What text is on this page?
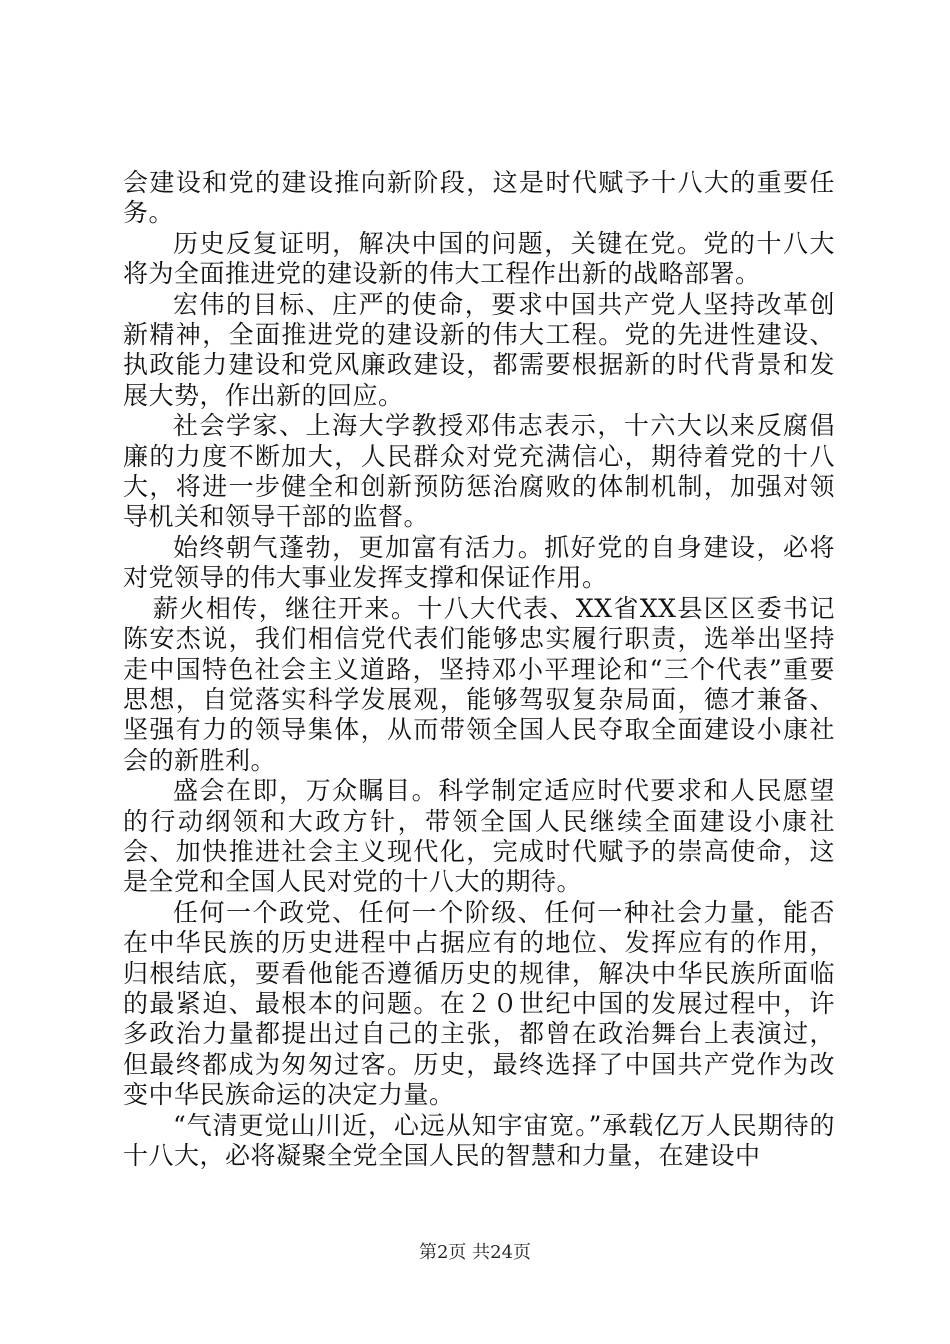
会建设和党的建设推向新阶段，这是时代赋予十八大的重要任务。

历史反复证明，解决中国的问题，关键在党。党的十八大将为全面推进党的建设新的伟大工程作出新的战略部署。

宏伟的目标、庄严的使命，要求中国共产党人坚持改革创新精神，全面推进党的建设新的伟大工程。党的先进性建设、执政能力建设和党风廉政建设，都需要根据新的时代背景和发展大势，作出新的回应。

社会学家、上海大学教授邓伟志表示，十六大以来反腐倡廉的力度不断加大，人民群众对党充满信心，期待着党的十八大，将进一步健全和创新预防惩治腐败的体制机制，加强对领导机关和领导干部的监督。

始终朝气蓬勃，更加富有活力。抓好党的自身建设，必将对党领导的伟大事业发挥支撑和保证作用。

薪火相传，继往开来。十八大代表、XX省XX县区区委书记陈安杰说，我们相信党代表们能够忠实履行职责，选举出坚持走中国特色社会主义道路，坚持邓小平理论和“三个代表”重要思想，自觉落实科学发展观，能够驾驭复杂局面，德才兼备、坚强有力的领导集体，从而带领全国人民夺取全面建设小康社会的新胜利。

盛会在即，万众瞩目。科学制定适应时代要求和人民愿望的行动纲领和大政方针，带领全国人民继续全面建设小康社会、加快推进社会主义现代化，完成时代赋予的崇高使命，这是全党和全国人民对党的十八大的期待。

任何一个政党、任何一个阶级、任何一种社会力量，能否在中华民族的历史进程中占据应有的地位、发挥应有的作用，归根结底，要看他能否遵循历史的规律，解决中华民族所面临的最紧迫、最根本的问题。在２０世纪中国的发展过程中，许多政治力量都提出过自己的主张，都曾在政治舞台上表演过，但最终都成为匆匆过客。历史，最终选择了中国共产党作为改变中华民族命运的决定力量。

“气清更觉山川近，心远从知宇宙宽。”承载亿万人民期待的十八大，必将凝聚全党全国人民的智慧和力量，在建设中

第2页 共24页
